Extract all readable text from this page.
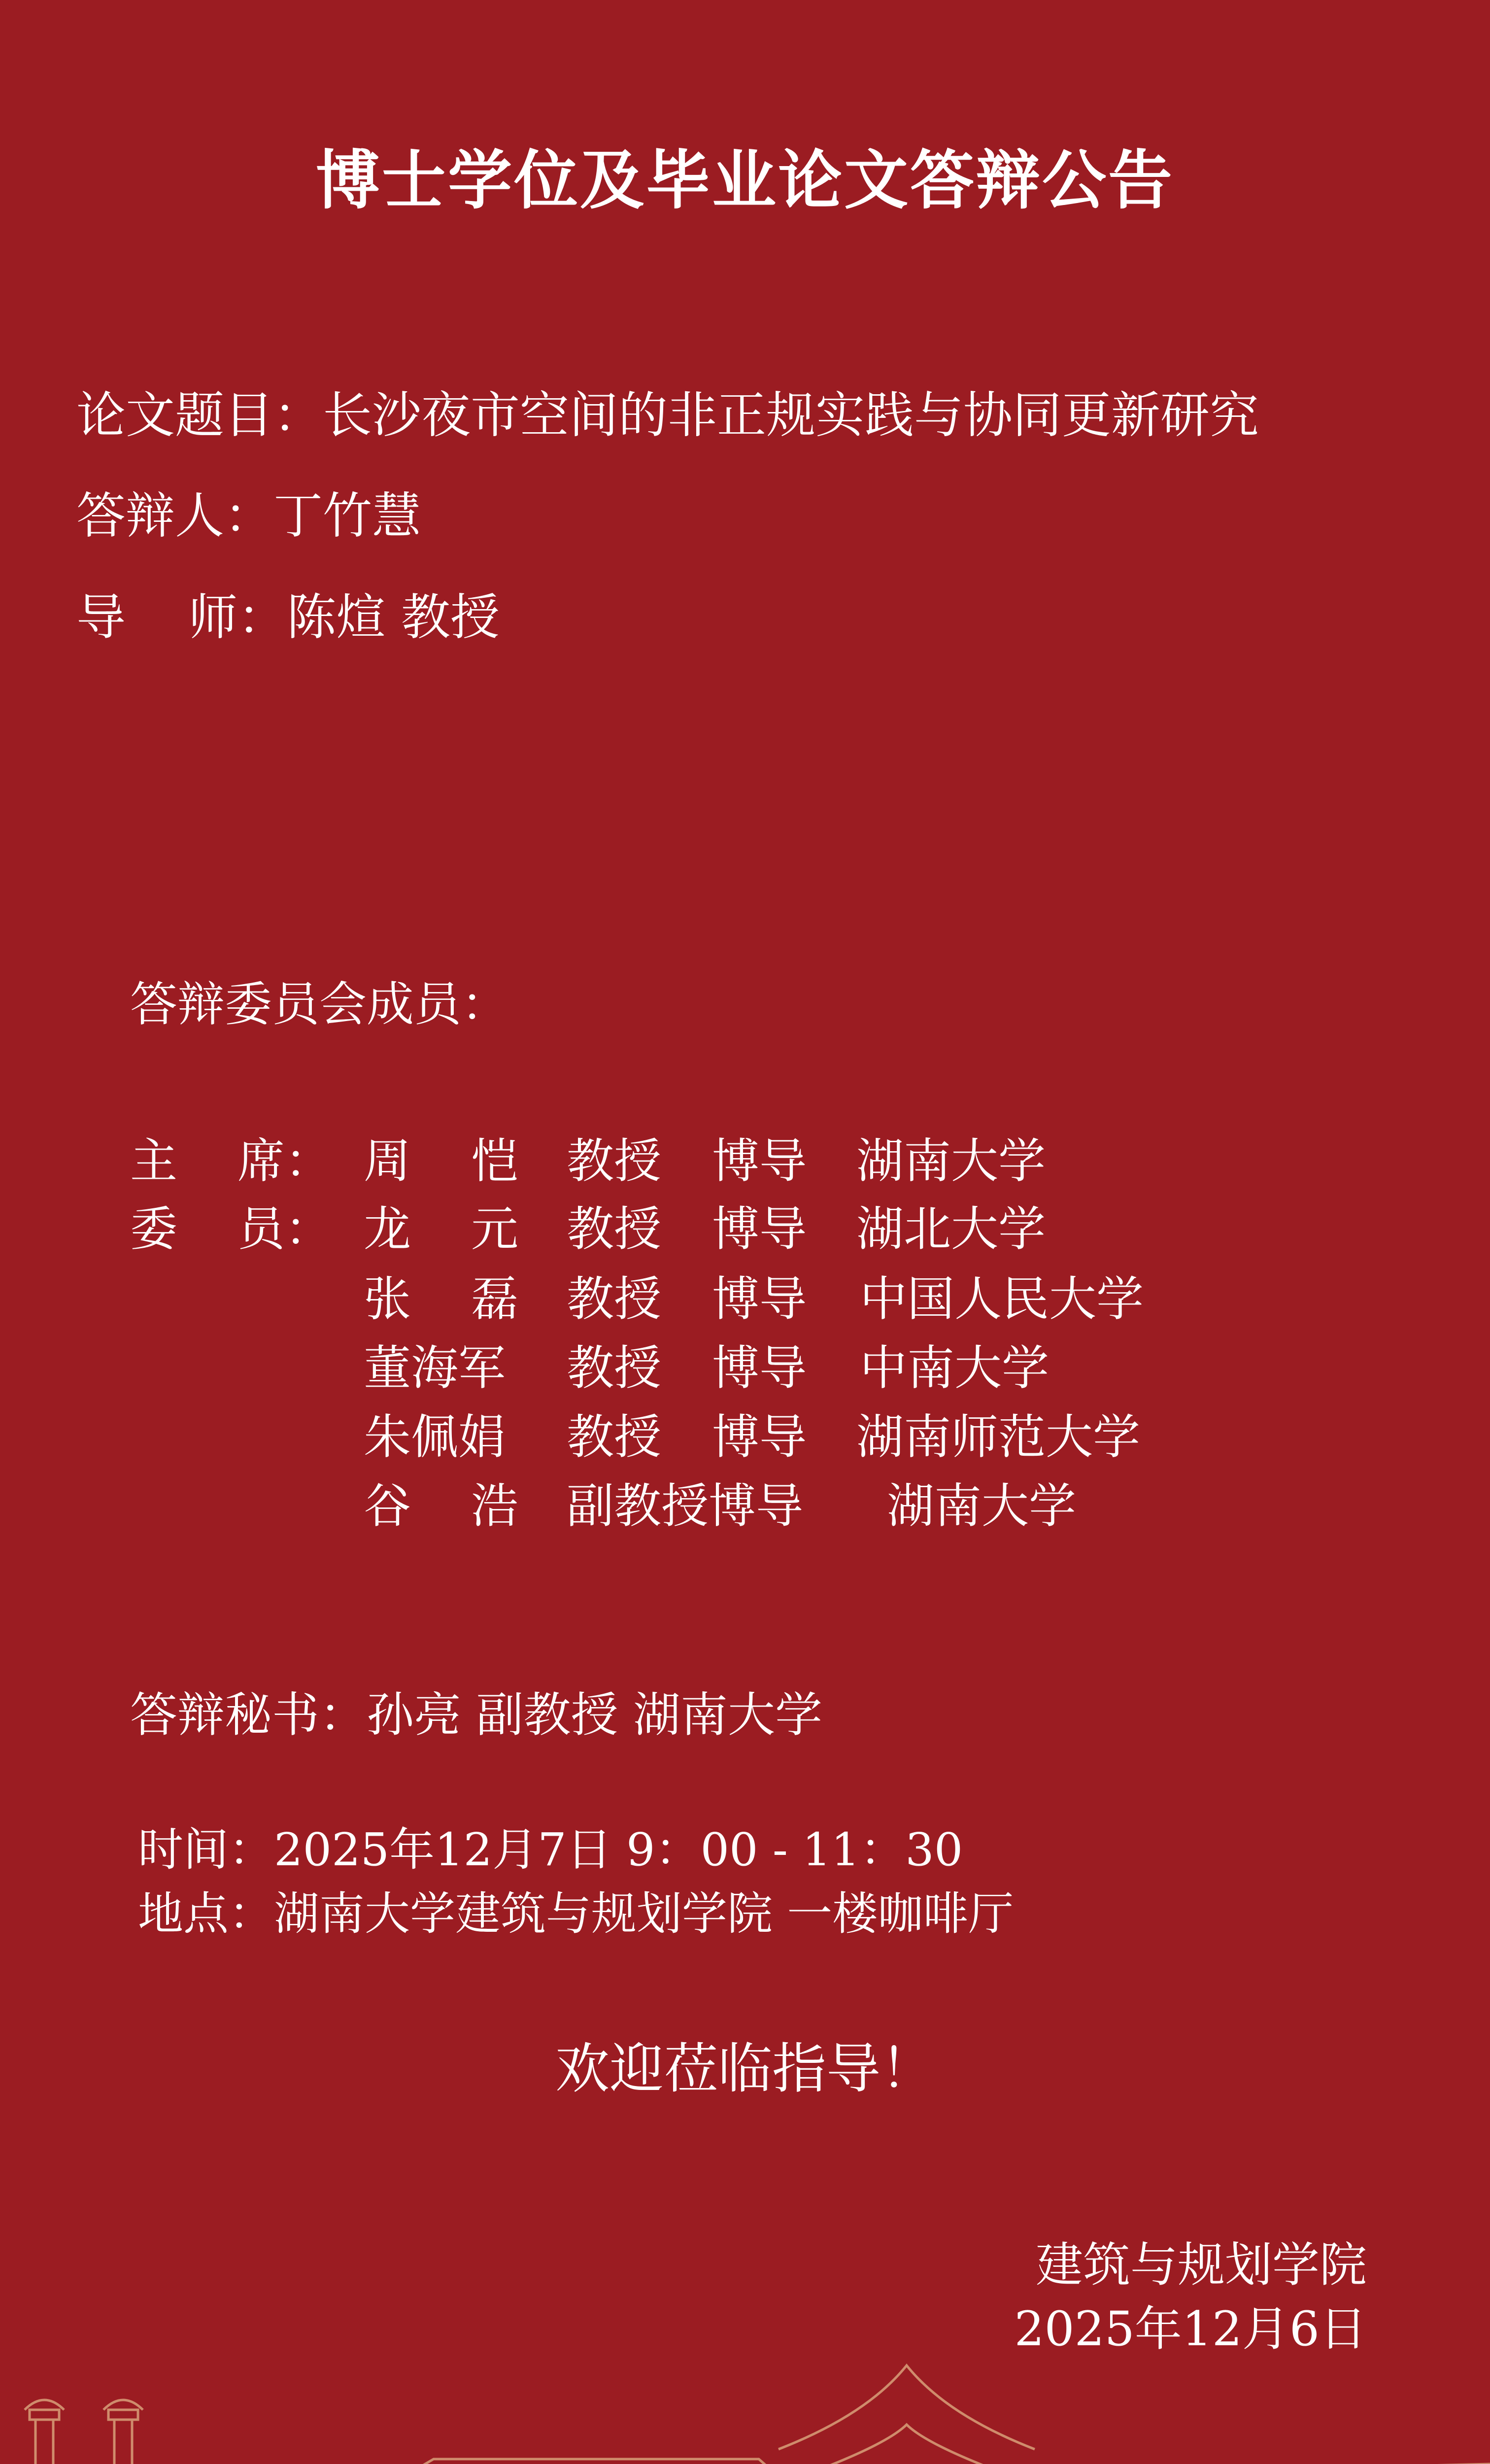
博士学位及毕业论文答辩公告
论文题目：长沙夜市空间的非正规实践与协同更新研究
答辩人：丁竹慧
导    师：陈煊 教授
答辩委员会成员：
主    席： 周    恺 教授 博导 湖南大学
委    员： 龙    元 教授 博导 湖北大学
张    磊 教授 博导 中国人民大学
董海军 教授 博导 中南大学
朱佩娟 教授 博导 湖南师范大学
谷    浩 副教授博导 湖南大学
答辩秘书：孙亮 副教授 湖南大学
时间：2025年12月7日 9：00 - 11：30
地点：湖南大学建筑与规划学院 一楼咖啡厅
欢迎莅临指导！
建筑与规划学院
2025年12月6日
